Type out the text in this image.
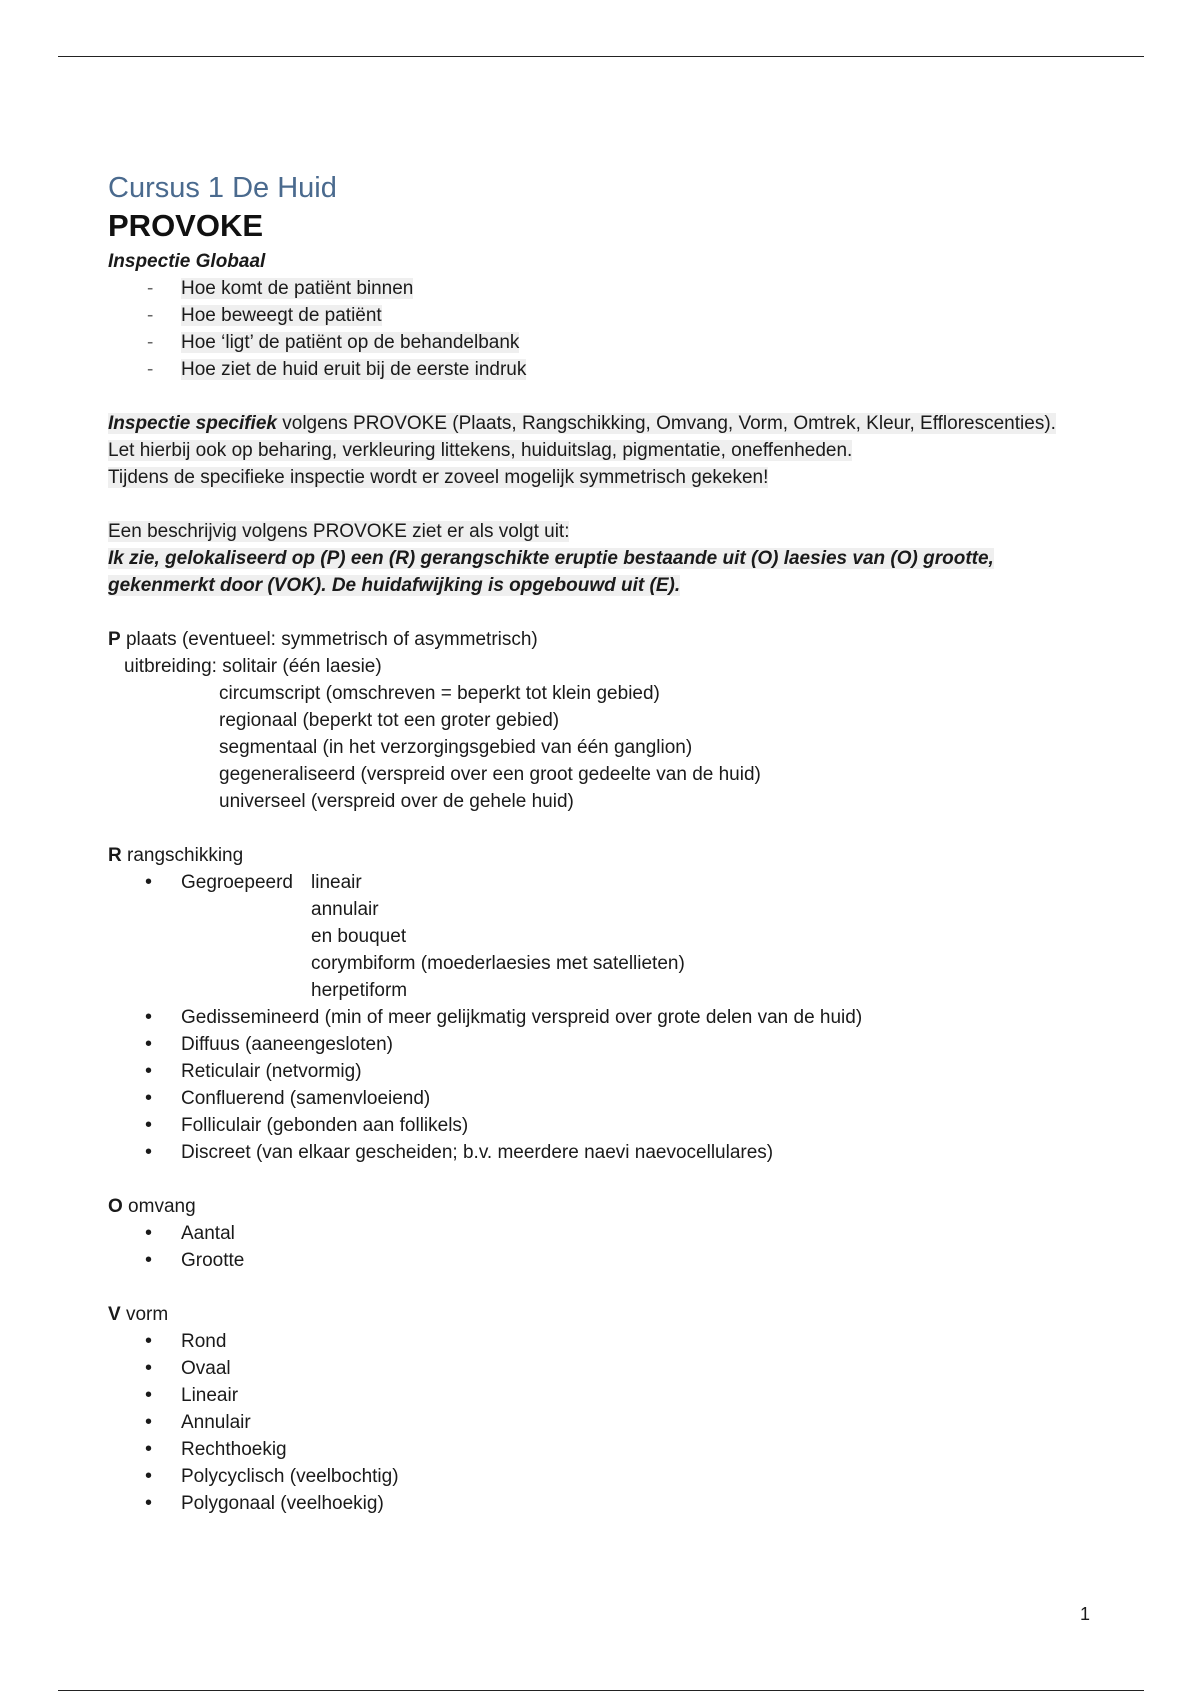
Cursus 1 De Huid
PROVOKE
Inspectie Globaal
- Hoe komt de patiënt binnen
- Hoe beweegt de patiënt
- Hoe ‘ligt’ de patiënt op de behandelbank
- Hoe ziet de huid eruit bij de eerste indruk
Inspectie specifiek volgens PROVOKE (Plaats, Rangschikking, Omvang, Vorm, Omtrek, Kleur, Efflorescenties).
Let hierbij ook op beharing, verkleuring littekens, huiduitslag, pigmentatie, oneffenheden.
Tijdens de specifieke inspectie wordt er zoveel mogelijk symmetrisch gekeken!
Een beschrijvig volgens PROVOKE ziet er als volgt uit:
Ik zie, gelokaliseerd op (P) een (R) gerangschikte eruptie bestaande uit (O) laesies van (O) grootte,
gekenmerkt door (VOK). De huidafwijking is opgebouwd uit (E).
P plaats (eventueel: symmetrisch of asymmetrisch)
uitbreiding: solitair (één laesie)
circumscript (omschreven = beperkt tot klein gebied)
regionaal (beperkt tot een groter gebied)
segmentaal (in het verzorgingsgebied van één ganglion)
gegeneraliseerd (verspreid over een groot gedeelte van de huid)
universeel (verspreid over de gehele huid)
R rangschikking
• Gegroepeerd lineair
annulair
en bouquet
corymbiform (moederlaesies met satellieten)
herpetiform
• Gedissemineerd (min of meer gelijkmatig verspreid over grote delen van de huid)
• Diffuus (aaneengesloten)
• Reticulair (netvormig)
• Confluerend (samenvloeiend)
• Folliculair (gebonden aan follikels)
• Discreet (van elkaar gescheiden; b.v. meerdere naevi naevocellulares)
O omvang
• Aantal
• Grootte
V vorm
• Rond
• Ovaal
• Lineair
• Annulair
• Rechthoekig
• Polycyclisch (veelbochtig)
• Polygonaal (veelhoekig)
1
